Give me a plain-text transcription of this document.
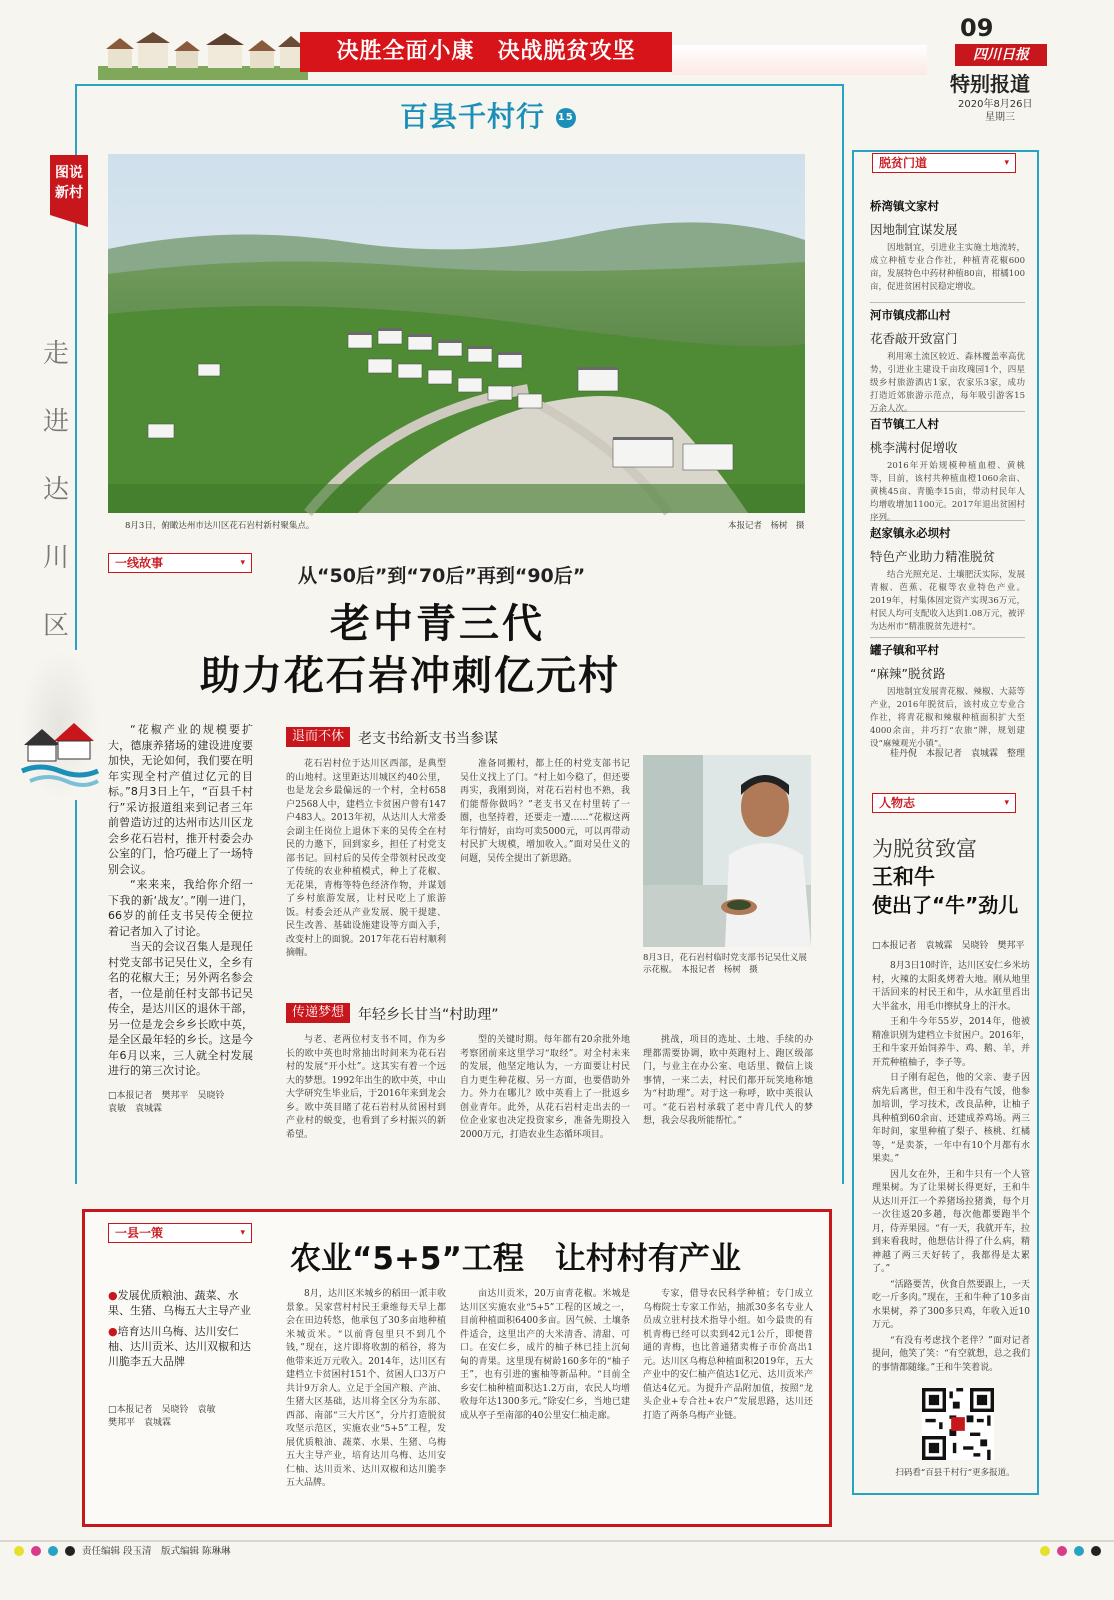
决胜全面小康　决战脱贫攻坚
09
四川日报
特别报道
2020年8月26日
星期三
百县千村行 15
图说新村
走
进
达
川
区
8月3日，俯瞰达州市达川区花石岩村新村聚集点。	本报记者　杨树　摄
一线故事 ▾
从“50后”到“70后”再到“90后”
老中青三代
助力花石岩冲刺亿元村

“花椒产业的规模要扩大，德康养猪场的建设进度要加快，无论如何，我们要在明年实现全村产值过亿元的目标。”8月3日上午，“百县千村行”采访报道组来到记者三年前曾造访过的达州市达川区龙会乡花石岩村，推开村委会办公室的门，恰巧碰上了一场特别会议。

“来来来，我给你介绍一下我的新‘战友’。”刚一进门，66岁的前任支书吴传全便拉着记者加入了讨论。

当天的会议召集人是现任村党支部书记吴仕义，全乡有名的花椒大王；另外两名参会者，一位是前任村支部书记吴传全，是达川区的退休干部，另一位是龙会乡乡长欧中英，是全区最年轻的乡长。这是今年6月以来，三人就全村发展进行的第三次讨论。

□本报记者　樊邦平　吴晓铃
袁敏　袁城霖
退而不休 老支书给新支书当参谋

花石岩村位于达川区西部，是典型的山地村。这里距达川城区约40公里，也是龙会乡最偏远的一个村，全村658户2568人中，建档立卡贫困户曾有147户483人。2013年初，从达川人大常委会副主任岗位上退休下来的吴传全在村民的力邀下，回到家乡，担任了村党支部书记。回村后的吴传全带领村民改变了传统的农业种植模式，种上了花椒、无花果，青梅等特色经济作物，并谋划了乡村旅游发展，让村民吃上了旅游饭。村委会还从产业发展、脱干提建、民生改善、基础设施建设等方面入手，改变村上的面貌。2017年花石岩村顺利摘帽。

准备同搬村，都上任的村党支部书记吴仕义找上了门。“村上如今稳了，但还要再实，我刚到岗，对花石岩村也不熟，我们能帮你做吗？”老支书又在村里转了一圈，也坚持着，还要走一遭……“花椒这两年行情好，亩均可卖5000元，可以再带动村民扩大规模，增加收入。”面对吴仕义的问题，吴传全提出了新思路。

8月3日，花石岩村临时党支部书记吴仕义展示花椒。　本报记者　杨树　摄
传递梦想 年轻乡长甘当“村助理”

与老、老两位村支书不同，作为乡长的欧中英也时常抽出时间来为花石岩村的发展“开小灶”。这其实有着一个远大的梦想。1992年出生的欧中英，中山大学研究生毕业后，于2016年来到龙会乡。欧中英目睹了花石岩村从贫困村到产业村的蜕变，也看到了乡村振兴的新希望。

型的关键时期。每年都有20余批外地考察团前来这里学习“取经”。对全村未来的发展，他坚定地认为，一方面要让村民自力更生种花椒、另一方面，也要借助外力。外力在哪儿？欧中英看上了一批返乡创业青年。此外，从花石岩村走出去的一位企业家也决定投资家乡，准备先期投入2000万元，打造农业生态循环项目。

挑战，项目的选址、土地、手续的办理都需要协调，欧中英跑村上、跑区级部门，与业主在办公室、电话里、微信上谈事情，一来二去，村民们都开玩笑地称她为“村助理”。对于这一称呼，欧中英很认可。“花石岩村承载了老中青几代人的梦想，我会尽我所能帮忙。”

一县一策 ▾
农业“5+5”工程　让村村有产业
●发展优质粮油、蔬菜、水果、生猪、乌梅五大主导产业
●培育达川乌梅、达川安仁柚、达川贡米、达川双椒和达川脆李五大品牌
□本报记者　吴晓铃　袁敏
樊邦平　袁城霖

8月，达川区米城乡的稻田一派丰收景象。吴家营村村民王秉维每天早上都会在田边转悠，他承包了30多亩地种植米城贡米。“以前背包里只不到几个钱，”现在，这片即将收割的稻谷，将为他带来近万元收入。2014年，达川区有建档立卡贫困村151个、贫困人口3万户共计9万余人。立足于全国产粮、产油、生猪大区基础，达川将全区分为东部、西部、南部“三大片区”，分片打造脱贫攻坚示范区，实施农业“5+5”工程，发展优质粮油、蔬菜、水果、生猪、乌梅五大主导产业，培育达川乌梅、达川安仁柚、达川贡米、达川双椒和达川脆李五大品牌。

亩达川贡米，20万亩青花椒。米城是达川区实施农业“5+5”工程的区域之一，目前种植面积6400多亩。因气候、土壤条件适合，这里出产的大米清香、清甜、可口。在安仁乡，成片的柚子林已挂上沉甸甸的青果。这里现有树龄160多年的“柚子王”，也有引进的蜜柚等新品种。“目前全乡安仁柚种植面积达1.2万亩，农民人均增收每年达1300多元。”除安仁乡，当地已建成从亭子至南部的40公里安仁柚走廊。

专家，借导农民科学种植；专门成立乌梅院士专家工作站，抽派30多名专业人员成立驻村技术指导小组。如今最贵的有机青梅已经可以卖到42元1公斤，即便普通的青梅，也比普通猪卖梅子市价高出1元。达川区乌梅总种植面积2019年，五大产业中的安仁柚产值达1亿元、达川贡米产值达4亿元。为提升产品附加值，按照“龙头企业+专合社+农户”发展思路，达川还打造了两条乌梅产业链。

脱贫门道 ▾
桥湾镇文家村
因地制宜谋发展
因地制宜，引进业主实施土地流转，成立种植专业合作社，种植青花椒600亩，发展特色中药材种植80亩，柑橘100亩，促进贫困村民稳定增收。
河市镇戍都山村
花香敲开致富门
利用寒土流区较近、森林覆盖率高优势，引进业主建设千亩玫瑰园1个，四星级乡村旅游酒店1家，农家乐3家，成功打造近郊旅游示范点，每年吸引游客15万余人次。
百节镇工人村
桃李满村促增收
2016年开始规模种植血橙、黄桃等，目前，该村共种植血橙1060余亩、黄桃45亩、青脆李15亩，带动村民年人均增收增加1100元。2017年退出贫困村序列。
赵家镇永必坝村
特色产业助力精准脱贫
结合光照充足、土壤肥沃实际，发展青椒、芭蕉、花椒等农业特色产业。2019年，村集体固定资产实现36万元，村民人均可支配收入达到1.08万元，被评为达州市“精准脱贫先进村”。
罐子镇和平村
“麻辣”脱贫路
因地制宜发展青花椒、辣椒、大蒜等产业，2016年脱贫后，该村成立专业合作社，将青花椒和辣椒种植面积扩大至4000余亩，并巧打“农旅”牌，规划建设“麻辣观光小镇”。
桂丹倪　本报记者　袁城霖　整理
人物志 ▾
为脱贫致富
王和牛
使出了“牛”劲儿
□本报记者　袁城霖　吴晓铃　樊邦平

8月3日10时许，达川区安仁乡米坊村，火辣的太阳炙烤着大地。刚从地里干活回来的村民王和牛，从水缸里舀出大半盆水，用毛巾擦拭身上的汗水。

王和牛今年55岁，2014年，他被精准识别为建档立卡贫困户。2016年，王和牛家开始饲养牛、鸡、鹅、羊，并开荒种植柚子，李子等。

日子刚有起色，他的父亲、妻子因病先后离世，但王和牛没有气馁，他参加培训，学习技术，改良品种，让柚子具种植到60余亩、还建成养鸡场。两三年时间，家里种植了梨子、核桃、红橘等，“是卖茶，一年中有10个月都有水果卖。”

因儿女在外，王和牛只有一个人管理果树。为了让果树长得更好，王和牛从达川开江一个养猪场拉猪粪，每个月一次往返20多趟，每次他都要跑半个月，侍弄果园。“有一天，我就开车，拉到来看我时，他想估计得了什么病，精神越了两三天好转了，我都得是太累了。”

“活路要苦，伙食自然要跟上，一天吃一斤多肉。”现在，王和牛种了10多亩水果树，养了300多只鸡，年收入近10万元。

“有没有考虑找个老伴？”面对记者提问，他笑了笑：“有空就想，总之我们的事情都随缘。”王和牛笑着说。

扫码看“百县千村行”更多报道。

责任编辑 段玉清　版式编辑 陈琳琳
